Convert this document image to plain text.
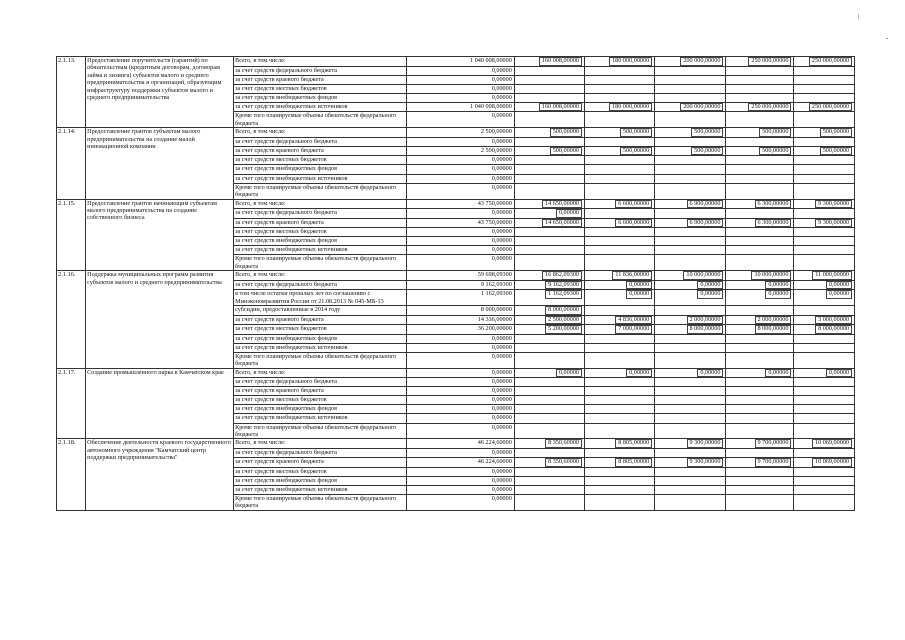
2.1.13.	Предоставление поручительств (гарантий) по обязательствам (кредитным договорам, договорам займа и лизинга) субъектов малого и среднего предпринимательства и организаций, образующим инфраструктуру поддержки субъектов малого и среднего предпринимательства	Всего, в том числе:	1 040 008,00000	160 008,00000	180 000,00000	200 000,00000	250 000,00000	250 000,00000
		за счет средств федерального бюджета	0,00000					
		за счет средств краевого бюджета	0,00000					
		за счет средств местных бюджетов	0,00000					
		за счет средств внебюджетных фондов	0,00000					
		за счет средств внебюджетных источников	1 040 008,00000	160 008,00000	180 000,00000	200 000,00000	250 000,00000	250 000,00000
		Кроме того планируемые объемы обязательств федерального бюджета	0,00000					
2.1.14.	Предоставление грантов субъектам малого предпринимательства на создание малой инновационной компании	Всего, в том числе:	2 500,00000	500,00000	500,00000	500,00000	500,00000	500,00000
		за счет средств федерального бюджета	0,00000					
		за счет средств краевого бюджета	2 500,00000	500,00000	500,00000	500,00000	500,00000	500,00000
		за счет средств местных бюджетов	0,00000					
		за счет средств внебюджетных фондов	0,00000					
		за счет средств внебюджетных источников	0,00000					
		Кроме того планируемые объемы обязательств федерального бюджета	0,00000					
2.1.15.	Предоставление грантов начинающим субъектам малого предпринимательства на создание собственного бизнеса	Всего, в том числе:	43 750,00000	14 650,00000	6 600,00000	6 900,00000	6 300,00000	9 300,00000
		за счет средств федерального бюджета	0,00000	0,00000				
		за счет средств краевого бюджета	43 750,00000	14 650,00000	6 600,00000	6 900,00000	6 300,00000	9 300,00000
		за счет средств местных бюджетов	0,00000					
		за счет средств внебюджетных фондов	0,00000					
		за счет средств внебюджетных источников	0,00000					
		Кроме того планируемые объемы обязательств федерального бюджета	0,00000					
2.1.16.	Поддержка муниципальных программ развития субъектов малого и среднего предпринимательства	Всего, в том числе:	59 698,09300	16 862,09300	11 836,00000	10 000,00000	10 000,00000	11 000,00000
		за счет средств федерального бюджета	9 162,09300	9 162,09300	0,00000	0,00000	0,00000	0,00000
		в том числе остатки прошлых лет по соглашению с Минэкономразвития России от 21.08.2013 № 045-МБ-13	1 162,09300	1 162,09300	0,00000	0,00000	0,00000	0,00000
		субсидии, предоставленные в 2014 году	8 000,00000	8 000,00000				
		за счет средств краевого бюджета	14 336,00000	2 500,00000	4 836,00000	2 000,00000	2 000,00000	3 000,00000
		за счет средств местных бюджетов	36 200,00000	5 200,00000	7 000,00000	8 000,00000	8 000,00000	8 000,00000
		за счет средств внебюджетных фондов	0,00000					
		за счет средств внебюджетных источников	0,00000					
		Кроме того планируемые объемы обязательств федерального бюджета	0,00000					
2.1.17.	Создание промышленного парка в Камчатском крае	Всего, в том числе:	0,00000	0,00000	0,00000	0,00000	0,00000	0,00000
		за счет средств федерального бюджета	0,00000					
		за счет средств краевого бюджета	0,00000					
		за счет средств местных бюджетов	0,00000					
		за счет средств внебюджетных фондов	0,00000					
		за счет средств внебюджетных источников	0,00000					
		Кроме того планируемые объемы обязательств федерального бюджета	0,00000					
2.1.18.	Обеспечение деятельности краевого государственного автономного учреждения "Камчатский центр поддержки предпринимательства"	Всего, в том числе:	46 224,60000	8 350,60000	8 805,00000	9 300,00000	9 700,00000	10 069,00000
		за счет средств федерального бюджета	0,00000					
		за счет средств краевого бюджета	46 224,60000	8 350,60000	8 805,00000	9 300,00000	9 700,00000	10 069,00000
		за счет средств местных бюджетов	0,00000					
		за счет средств внебюджетных фондов	0,00000					
		за счет средств внебюджетных источников	0,00000					
		Кроме того планируемые объемы обязательств федерального бюджета	0,00000					
